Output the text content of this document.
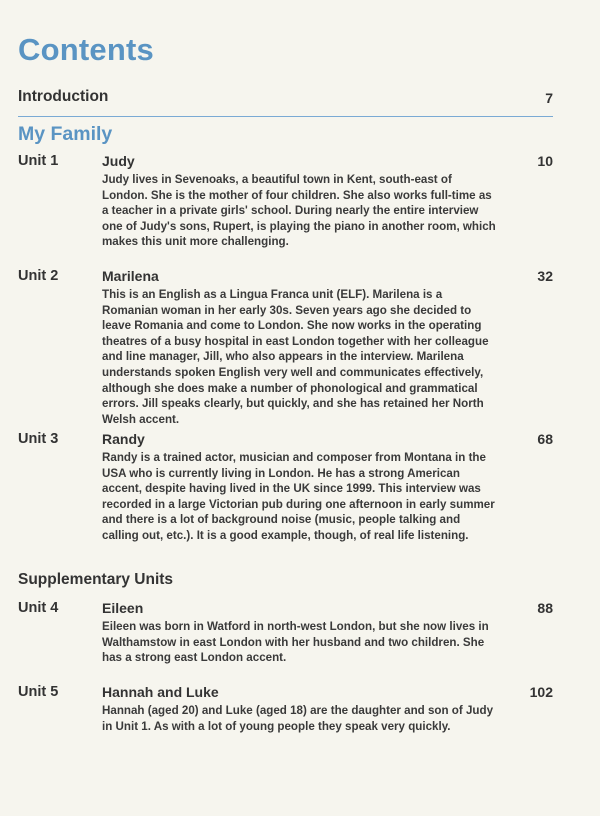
Contents
Introduction	7
My Family
Unit 1	Judy	10
Judy lives in Sevenoaks, a beautiful town in Kent, south-east of London. She is the mother of four children. She also works full-time as a teacher in a private girls' school. During nearly the entire interview one of Judy's sons, Rupert, is playing the piano in another room, which makes this unit more challenging.
Unit 2	Marilena	32
This is an English as a Lingua Franca unit (ELF). Marilena is a Romanian woman in her early 30s. Seven years ago she decided to leave Romania and come to London. She now works in the operating theatres of a busy hospital in east London together with her colleague and line manager, Jill, who also appears in the interview. Marilena understands spoken English very well and communicates effectively, although she does make a number of phonological and grammatical errors. Jill speaks clearly, but quickly, and she has retained her North Welsh accent.
Unit 3	Randy	68
Randy is a trained actor, musician and composer from Montana in the USA who is currently living in London. He has a strong American accent, despite having lived in the UK since 1999. This interview was recorded in a large Victorian pub during one afternoon in early summer and there is a lot of background noise (music, people talking and calling out, etc.). It is a good example, though, of real life listening.
Supplementary Units
Unit 4	Eileen	88
Eileen was born in Watford in north-west London, but she now lives in Walthamstow in east London with her husband and two children. She has a strong east London accent.
Unit 5	Hannah and Luke	102
Hannah (aged 20) and Luke (aged 18) are the daughter and son of Judy in Unit 1. As with a lot of young people they speak very quickly.
